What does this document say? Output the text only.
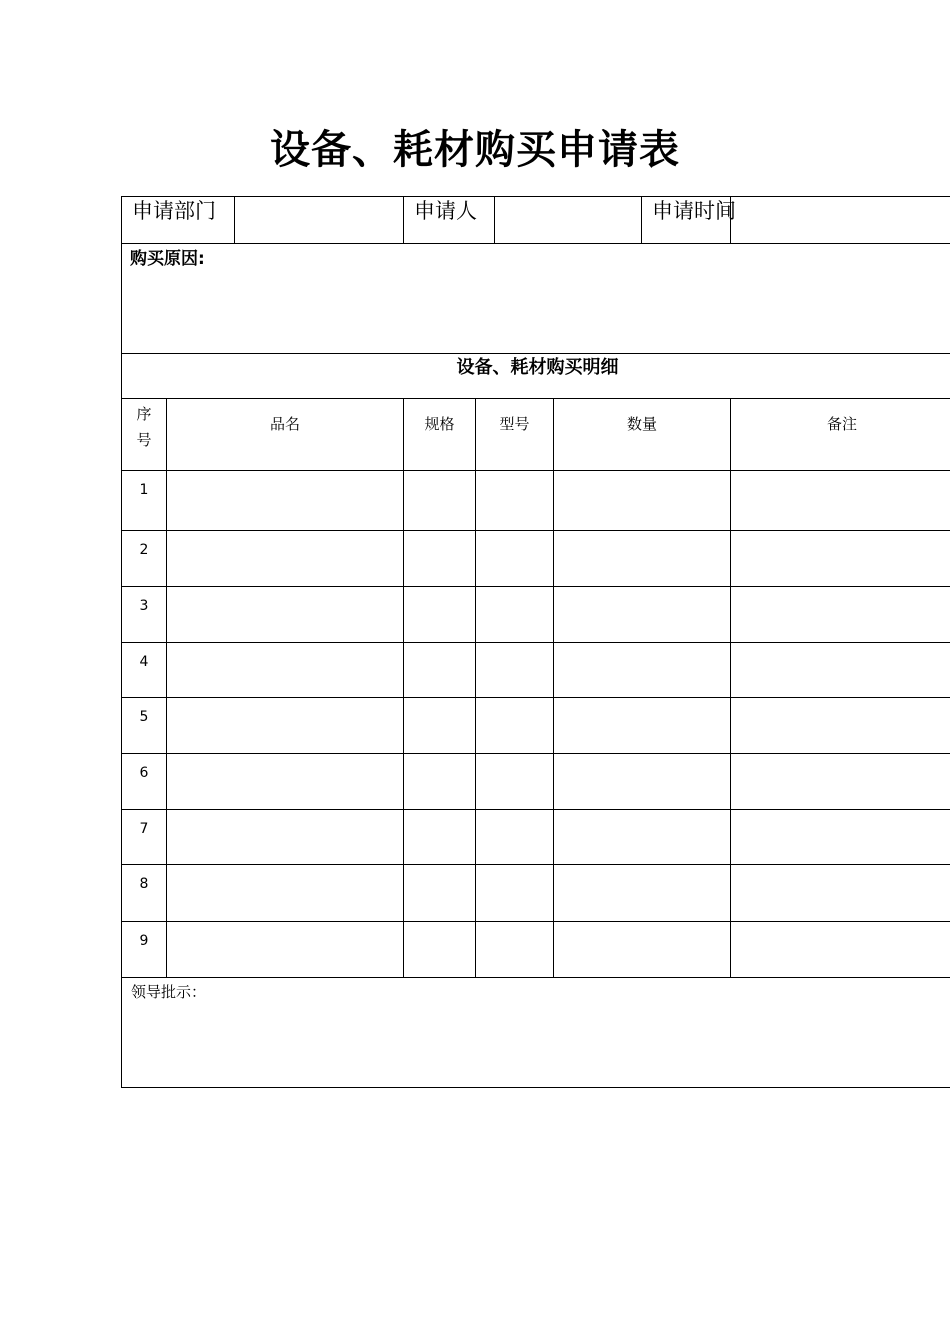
设备、耗材购买申请表
申请部门			申请人				申请时间	
购买原因:								
设备、耗材购买明细								
序
号	品名		规格	型号		数量		备注
1								
2								
3								
4								
5								
6								
7								
8								
9								
领导批示：								
